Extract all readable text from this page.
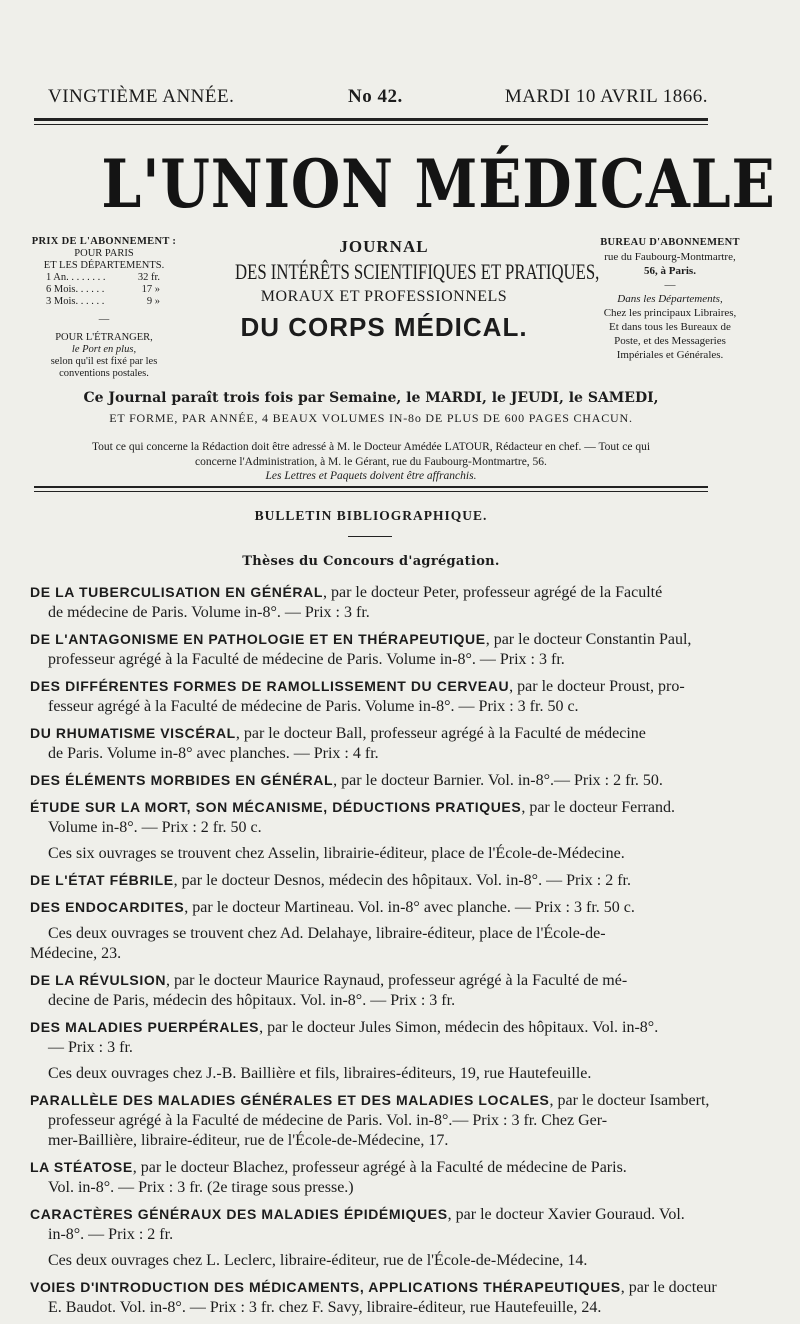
VINGTIÈME ANNÉE.	No 42.	MARDI 10 AVRIL 1866.
L'UNION MÉDICALE
PRIX DE L'ABONNEMENT :
POUR PARIS
ET LES DÉPARTEMENTS.
1 An. . . . . . . .	32 fr.
6 Mois. . . . . .	17 »
3 Mois. . . . . .	9 »
—
POUR L'ÉTRANGER,
le Port en plus,
selon qu'il est fixé par les
conventions postales.
JOURNAL
DES INTÉRÊTS SCIENTIFIQUES ET PRATIQUES,
MORAUX ET PROFESSIONNELS
DU CORPS MÉDICAL.
BUREAU D'ABONNEMENT
rue du Faubourg-Montmartre,
56, à Paris.
—
Dans les Départements,
Chez les principaux Libraires,
Et dans tous les Bureaux de
Poste, et des Messageries
Impériales et Générales.
Ce Journal paraît trois fois par Semaine, le MARDI, le JEUDI, le SAMEDI,
ET FORME, PAR ANNÉE, 4 BEAUX VOLUMES IN-8o DE PLUS DE 600 PAGES CHACUN.
Tout ce qui concerne la Rédaction doit être adressé à M. le Docteur Amédée LATOUR, Rédacteur en chef. — Tout ce qui
concerne l'Administration, à M. le Gérant, rue du Faubourg-Montmartre, 56.
Les Lettres et Paquets doivent être affranchis.
BULLETIN BIBLIOGRAPHIQUE.
Thèses du Concours d'agrégation.
DE LA TUBERCULISATION EN GÉNÉRAL, par le docteur Peter, professeur agrégé de la Faculté
de médecine de Paris. Volume in-8°. — Prix : 3 fr.
DE L'ANTAGONISME EN PATHOLOGIE ET EN THÉRAPEUTIQUE, par le docteur Constantin Paul,
professeur agrégé à la Faculté de médecine de Paris. Volume in-8°. — Prix : 3 fr.
DES DIFFÉRENTES FORMES DE RAMOLLISSEMENT DU CERVEAU, par le docteur Proust, pro-
fesseur agrégé à la Faculté de médecine de Paris. Volume in-8°. — Prix : 3 fr. 50 c.
DU RHUMATISME VISCÉRAL, par le docteur Ball, professeur agrégé à la Faculté de médecine
de Paris. Volume in-8° avec planches. — Prix : 4 fr.
DES ÉLÉMENTS MORBIDES EN GÉNÉRAL, par le docteur Barnier. Vol. in-8°.— Prix : 2 fr. 50.
ÉTUDE SUR LA MORT, SON MÉCANISME, DÉDUCTIONS PRATIQUES, par le docteur Ferrand.
Volume in-8°. — Prix : 2 fr. 50 c.
Ces six ouvrages se trouvent chez Asselin, librairie-éditeur, place de l'École-de-Médecine.
DE L'ÉTAT FÉBRILE, par le docteur Desnos, médecin des hôpitaux. Vol. in-8°. — Prix : 2 fr.
DES ENDOCARDITES, par le docteur Martineau. Vol. in-8° avec planche. — Prix : 3 fr. 50 c.
Ces deux ouvrages se trouvent chez Ad. Delahaye, libraire-éditeur, place de l'École-de-
Médecine, 23.
DE LA RÉVULSION, par le docteur Maurice Raynaud, professeur agrégé à la Faculté de mé-
decine de Paris, médecin des hôpitaux. Vol. in-8°. — Prix : 3 fr.
DES MALADIES PUERPÉRALES, par le docteur Jules Simon, médecin des hôpitaux. Vol. in-8°.
— Prix : 3 fr.
Ces deux ouvrages chez J.-B. Baillière et fils, libraires-éditeurs, 19, rue Hautefeuille.
PARALLÈLE DES MALADIES GÉNÉRALES ET DES MALADIES LOCALES, par le docteur Isambert,
professeur agrégé à la Faculté de médecine de Paris. Vol. in-8°.— Prix : 3 fr. Chez Ger-
mer-Baillière, libraire-éditeur, rue de l'École-de-Médecine, 17.
LA STÉATOSE, par le docteur Blachez, professeur agrégé à la Faculté de médecine de Paris.
Vol. in-8°. — Prix : 3 fr. (2e tirage sous presse.)
CARACTÈRES GÉNÉRAUX DES MALADIES ÉPIDÉMIQUES, par le docteur Xavier Gouraud. Vol.
in-8°. — Prix : 2 fr.
Ces deux ouvrages chez L. Leclerc, libraire-éditeur, rue de l'École-de-Médecine, 14.
VOIES D'INTRODUCTION DES MÉDICAMENTS, APPLICATIONS THÉRAPEUTIQUES, par le docteur
E. Baudot. Vol. in-8°. — Prix : 3 fr. chez F. Savy, libraire-éditeur, rue Hautefeuille, 24.
